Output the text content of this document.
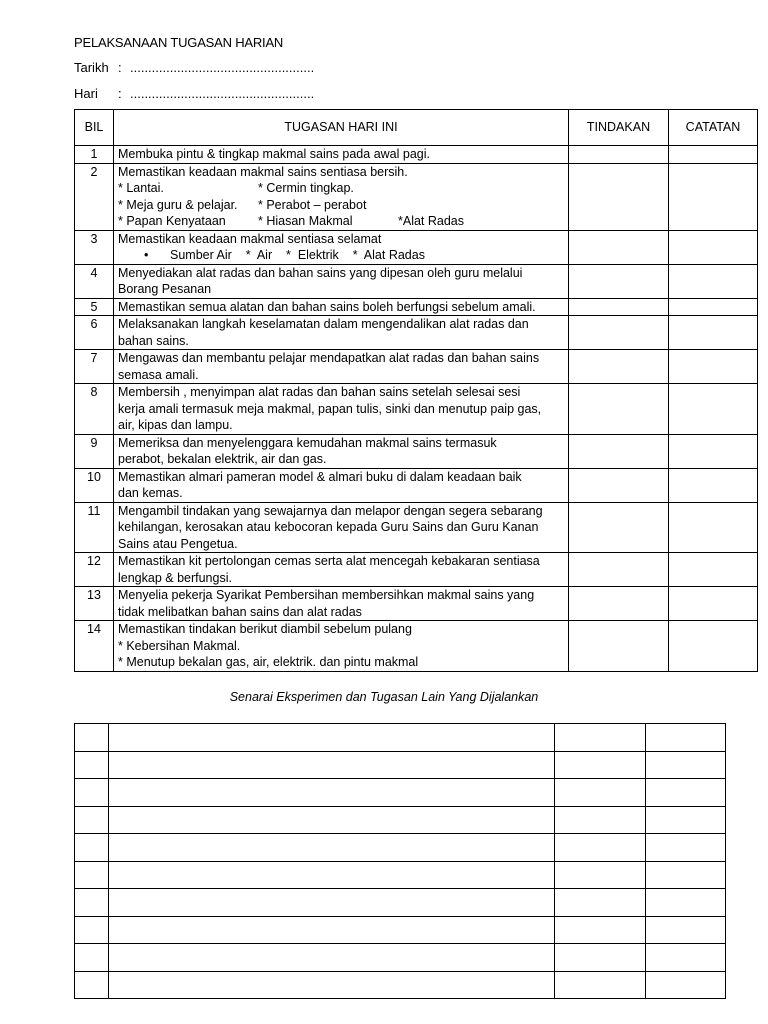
PELAKSANAAN TUGASAN HARIAN
Tarikh : ...................................................
Hari : ...................................................
BIL	TUGASAN HARI INI	TINDAKAN	CATATAN
1	Membuka pintu & tingkap makmal sains pada awal pagi.		

2	Memastikan keadaan makmal sains sentiasa bersih.
* Lantai. * Cermin tingkap.
* Meja guru & pelajar. * Perabot – perabot
* Papan Kenyataan * Hiasan Makmal *Alat Radas		

3	Memastikan keadaan makmal sentiasa selamat
• Sumber Air    *  Air    *  Elektrik    *  Alat Radas		

4	Menyediakan alat radas dan bahan sains yang dipesan oleh guru melalui
Borang Pesanan		

5	Memastikan semua alatan dan bahan sains boleh berfungsi sebelum amali.		

6	Melaksanakan langkah keselamatan dalam mengendalikan alat radas dan
bahan sains.		

7	Mengawas dan membantu pelajar mendapatkan alat radas dan bahan sains
semasa amali.		

8	Membersih , menyimpan alat radas dan bahan sains setelah selesai sesi
kerja amali termasuk meja makmal, papan tulis, sinki dan menutup paip gas,
air, kipas dan lampu.		

9	Memeriksa dan menyelenggara kemudahan makmal sains termasuk
perabot, bekalan elektrik, air dan gas.		

10	Memastikan almari pameran model & almari buku di dalam keadaan baik
dan kemas.		

11	Mengambil tindakan yang sewajarnya dan melapor dengan segera sebarang
kehilangan, kerosakan atau kebocoran kepada Guru Sains dan Guru Kanan
Sains atau Pengetua.		

12	Memastikan kit pertolongan cemas serta alat mencegah kebakaran sentiasa
lengkap & berfungsi.		

13	Menyelia pekerja Syarikat Pembersihan membersihkan makmal sains yang
tidak melibatkan bahan sains dan alat radas		

14	Memastikan tindakan berikut diambil sebelum pulang
* Kebersihan Makmal.
* Menutup bekalan gas, air, elektrik. dan pintu makmal		

Senarai Eksperimen dan Tugasan Lain Yang Dijalankan
